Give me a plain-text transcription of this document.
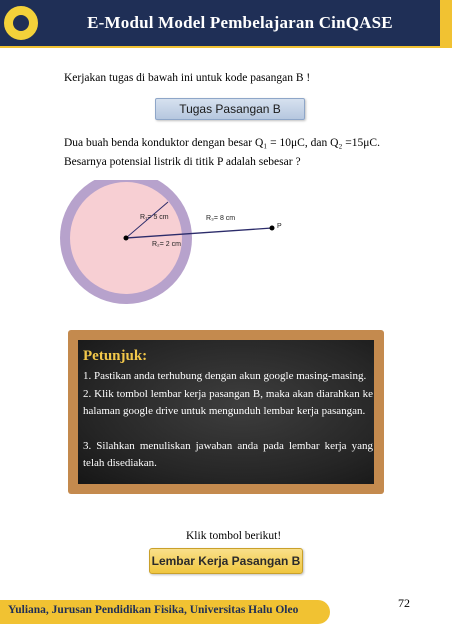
E-Modul Model Pembelajaran CinQASE
Kerjakan tugas di bawah ini untuk kode pasangan B !
Tugas Pasangan B
Dua buah benda konduktor dengan besar Q₁ = 10μC, dan Q₂ =15μC.
Besarnya potensial listrik di titik P adalah sebesar ?
R₁= 5 cm	R₃= 8 cm
R₂= 2 cm
P
Petunjuk:
1. Pastikan anda terhubung dengan akun google masing-masing.
2. Klik tombol lembar kerja pasangan B, maka akan diarahkan ke halaman google drive untuk mengunduh lembar kerja pasangan.
3. Silahkan menuliskan jawaban anda pada lembar kerja yang telah disediakan.
Klik tombol berikut!
Lembar Kerja Pasangan B
72
Yuliana, Jurusan Pendidikan Fisika, Universitas Halu Oleo
